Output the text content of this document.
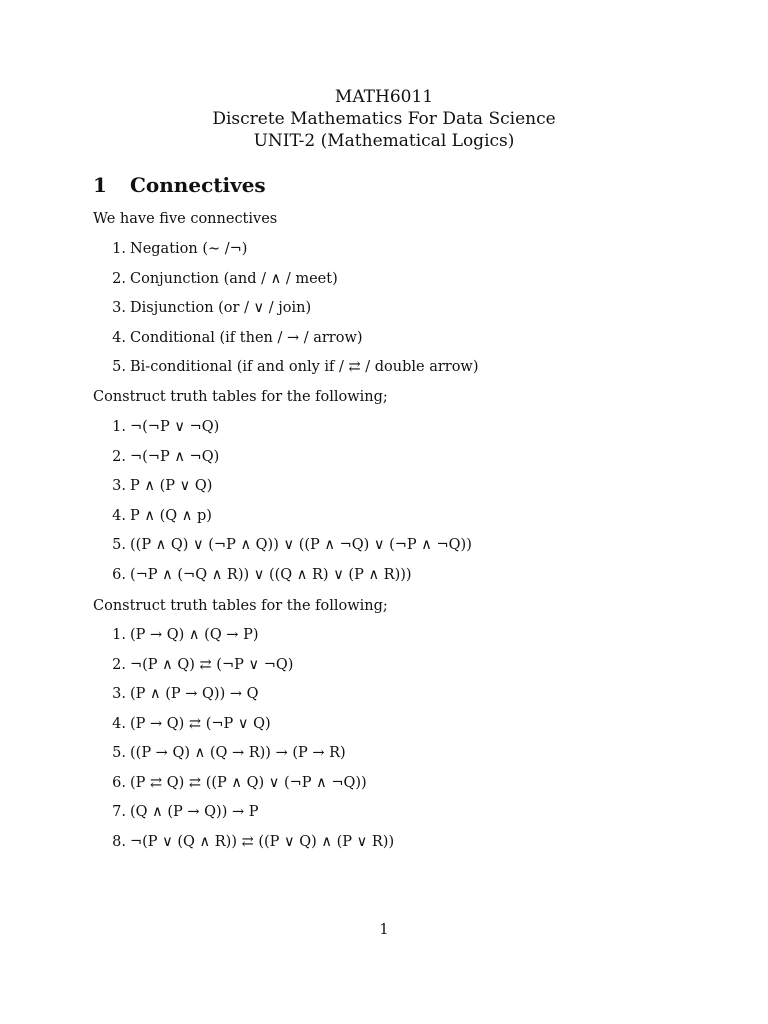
MATH6011
Discrete Mathematics For Data Science
UNIT-2 (Mathematical Logics)
1 Connectives
We have five connectives
1. Negation (∼ /¬)
2. Conjunction (and / ∧ / meet)
3. Disjunction (or / ∨ / join)
4. Conditional (if then / → / arrow)
5. Bi-conditional (if and only if / ⇄ / double arrow)
Construct truth tables for the following;
1. ¬(¬P ∨ ¬Q)
2. ¬(¬P ∧ ¬Q)
3. P ∧ (P ∨ Q)
4. P ∧ (Q ∧ p)
5. ((P ∧ Q) ∨ (¬P ∧ Q)) ∨ ((P ∧ ¬Q) ∨ (¬P ∧ ¬Q))
6. (¬P ∧ (¬Q ∧ R)) ∨ ((Q ∧ R) ∨ (P ∧ R)))
Construct truth tables for the following;
1. (P → Q) ∧ (Q → P)
2. ¬(P ∧ Q) ⇄ (¬P ∨ ¬Q)
3. (P ∧ (P → Q)) → Q
4. (P → Q) ⇄ (¬P ∨ Q)
5. ((P → Q) ∧ (Q → R)) → (P → R)
6. (P ⇄ Q) ⇄ ((P ∧ Q) ∨ (¬P ∧ ¬Q))
7. (Q ∧ (P → Q)) → P
8. ¬(P ∨ (Q ∧ R)) ⇄ ((P ∨ Q) ∧ (P ∨ R))
1
